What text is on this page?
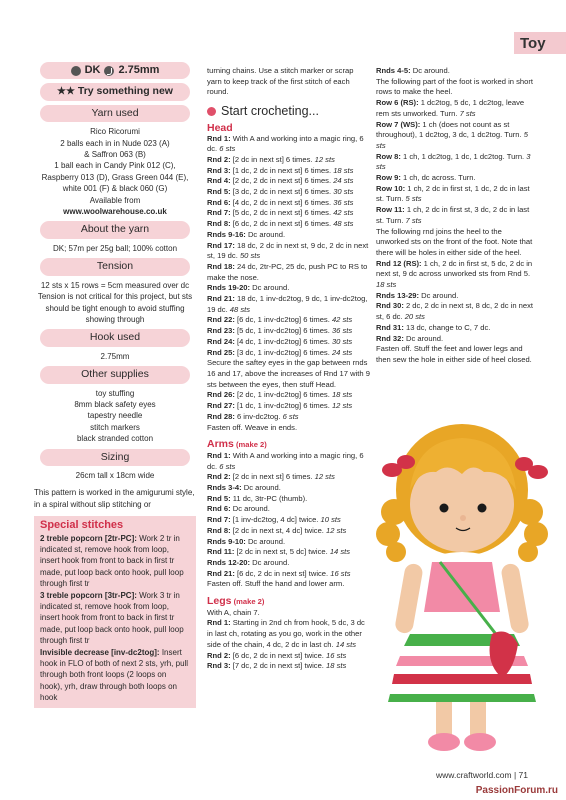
Toy
DK 2.75mm
★★ Try something new
Yarn used
Rico Ricorumi
2 balls each in in Nude 023 (A)
& Saffron 063 (B)
1 ball each in Candy Pink 012 (C),
Raspberry 013 (D), Grass Green 044 (E),
white 001 (F) & black 060 (G)
Available from
www.woolwarehouse.co.uk
About the yarn
DK; 57m per 25g ball; 100% cotton
Tension
12 sts x 15 rows = 5cm measured over dc Tension is not critical for this project, but sts should be tight enough to avoid stuffing showing through
Hook used
2.75mm
Other supplies
toy stuffing
8mm black safety eyes
tapestry needle
stitch markers
black stranded cotton
Sizing
26cm tall x 18cm wide
This pattern is worked in the amigurumi style, in a spiral without slip stitching or
Special stitches

2 treble popcorn [2tr-PC]: Work 2 tr in indicated st, remove hook from loop, insert hook from front to back in first tr made, put loop back onto hook, pull loop through first tr

3 treble popcorn [3tr-PC]: Work 3 tr in indicated st, remove hook from loop, insert hook from front to back in first tr made, put loop back onto hook, pull loop through first tr

Invisible decrease [inv-dc2tog]: Insert hook in FLO of both of next 2 sts, yrh, pull through both front loops (2 loops on hook), yrh, draw through both loops on hook

turning chains. Use a stitch marker or scrap yarn to keep track of the first stitch of each round.

Start crocheting...
Head

Rnd 1: With A and working into a magic ring, 6 dc. 6 sts

Rnd 2: [2 dc in next st] 6 times. 12 sts

Rnd 3: [1 dc, 2 dc in next st] 6 times. 18 sts

Rnd 4: [2 dc, 2 dc in next st] 6 times. 24 sts

Rnd 5: [3 dc, 2 dc in next st] 6 times. 30 sts

Rnd 6: [4 dc, 2 dc in next st] 6 times. 36 sts

Rnd 7: [5 dc, 2 dc in next st] 6 times. 42 sts

Rnd 8: [6 dc, 2 dc in next st] 6 times. 48 sts

Rnds 9-16: Dc around.

Rnd 17: 18 dc, 2 dc in next st, 9 dc, 2 dc in next st, 19 dc. 50 sts

Rnd 18: 24 dc, 2tr-PC, 25 dc, push PC to RS to make the nose.

Rnds 19-20: Dc around.

Rnd 21: 18 dc, 1 inv-dc2tog, 9 dc, 1 inv-dc2tog, 19 dc. 48 sts

Rnd 22: [6 dc, 1 inv-dc2tog] 6 times. 42 sts

Rnd 23: [5 dc, 1 inv-dc2tog] 6 times. 36 sts

Rnd 24: [4 dc, 1 inv-dc2tog] 6 times. 30 sts

Rnd 25: [3 dc, 1 inv-dc2tog] 6 times. 24 sts

Secure the saftey eyes in the gap between rnds 16 and 17, above the increases of Rnd 17 with 9 sts between the eyes, then stuff Head.

Rnd 26: [2 dc, 1 inv-dc2tog] 6 times. 18 sts

Rnd 27: [1 dc, 1 inv-dc2tog] 6 times. 12 sts

Rnd 28: 6 inv-dc2tog. 6 sts

Fasten off. Weave in ends.

Arms (make 2)

Rnd 1: With A and working into a magic ring, 6 dc. 6 sts

Rnd 2: [2 dc in next st] 6 times. 12 sts

Rnds 3-4: Dc around.

Rnd 5: 11 dc, 3tr-PC (thumb).

Rnd 6: Dc around.

Rnd 7: [1 inv-dc2tog, 4 dc] twice. 10 sts

Rnd 8: [2 dc in next st, 4 dc] twice. 12 sts

Rnds 9-10: Dc around.

Rnd 11: [2 dc in next st, 5 dc] twice. 14 sts

Rnds 12-20: Dc around.

Rnd 21: [6 dc, 2 dc in next st] twice. 16 sts

Fasten off. Stuff the hand and lower arm.

Legs (make 2)

With A, chain 7.

Rnd 1: Starting in 2nd ch from hook, 5 dc, 3 dc in last ch, rotating as you go, work in the other side of the chain, 4 dc, 2 dc in last ch. 14 sts

Rnd 2: [6 dc, 2 dc in next st] twice. 16 sts

Rnd 3: [7 dc, 2 dc in next st] twice. 18 sts

Rnds 4-5: Dc around.

The following part of the foot is worked in short rows to make the heel.

Row 6 (RS): 1 dc2tog, 5 dc, 1 dc2tog, leave rem sts unworked. Turn. 7 sts

Row 7 (WS): 1 ch (does not count as st throughout), 1 dc2tog, 3 dc, 1 dc2tog. Turn. 5 sts

Row 8: 1 ch, 1 dc2tog, 1 dc, 1 dc2tog. Turn. 3 sts

Row 9: 1 ch, dc across. Turn.

Row 10: 1 ch, 2 dc in first st, 1 dc, 2 dc in last st. Turn. 5 sts

Row 11: 1 ch, 2 dc in first st, 3 dc, 2 dc in last st. Turn. 7 sts

The following rnd joins the heel to the unworked sts on the front of the foot. Note that there will be holes in either side of the heel.

Rnd 12 (RS): 1 ch, 2 dc in first st, 5 dc, 2 dc in next st, 9 dc across unworked sts from Rnd 5. 18 sts

Rnds 13-29: Dc around.

Rnd 30: 2 dc, 2 dc in next st, 8 dc, 2 dc in next st, 6 dc. 20 sts

Rnd 31: 13 dc, change to C, 7 dc.

Rnd 32: Dc around.

Fasten off. Stuff the feet and lower legs and then sew the hole in either side of heel closed.

www.craftworld.com | 71
PassionForum.ru
